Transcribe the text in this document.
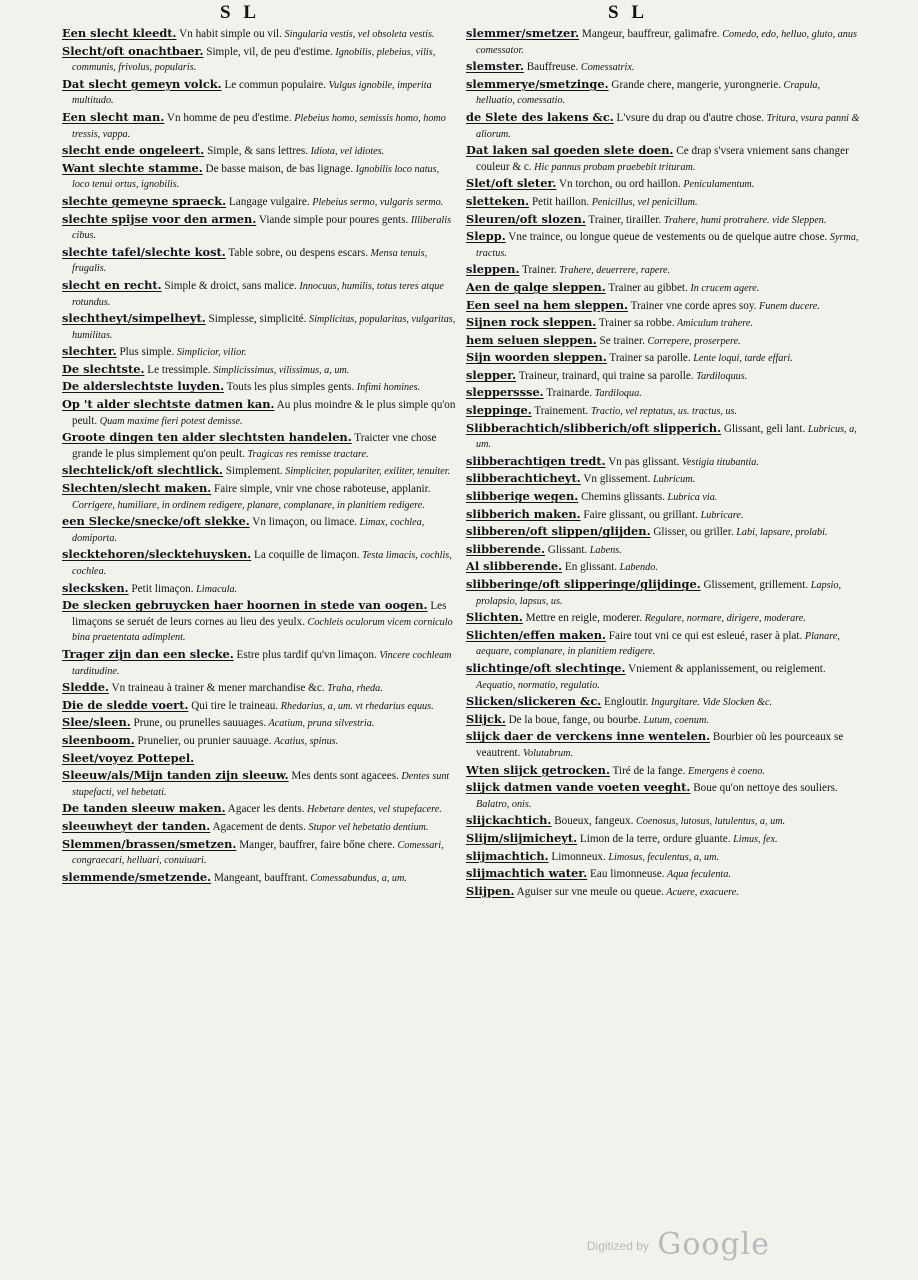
S L	S L
Een slecht kleedt. Vn habit simple ou vil. Singularia vestis, vel obsoleta vestis.
Slecht/oft onachtbaer. Simple, vil, de peu d'estime. Ignobilis, plebeius, vilis, communis, frivolus, popularis.
Dat slecht gemeyn volck. Le commun populaire. Vulgus ignobile, imperita multitudo.
Een slecht man. Vn homme de peu d'estime. Plebeius homo, semissis homo, homo tressis, vappa.
slecht ende ongeleert. Simple, & sans lettres. Idiota, vel idiotes.
Want slechte stamme. De basse maison, de bas lignage. Ignobilis loco natus, loco tenui ortus, ignobilis.
slechte gemeyne spraeck. Langage vulgaire. Plebeius sermo, vulgaris sermo.
slechte spijse voor den armen. Viande simple pour poures gents. Illiberalis cibus.
slechte tafel/slechte kost. Table sobre, ou despens escars. Mensa tenuis, frugalis.
slecht en recht. Simple & droict, sans malice. Innocuus, humilis, totus teres atque rotundus.
slechtheyt/simpelheyt. Simplesse, simplicité. Simplicitas, popularitas, vulgaritas, humilitas.
slechter. Plus simple. Simplicior, vilior.
De slechtste. Le tressimple. Simplicissimus, vilissimus, a, um.
De alderslechtste luyden. Touts les plus simples gents. Infimi homines.
Op 't alder slechtste datmen kan. Au plus moindre & le plus simple qu'on peult. Quam maxime fieri potest demisse.
Groote dingen ten alder slechtsten handelen. Traicter vne chose grande le plus simplement qu'on peult. Tragicas res remisse tractare.
slechtelick/oft slechtlick. Simplement. Simpliciter, populariter, exiliter, tenuiter.
Slechten/slecht maken. Faire simple, vnir vne chose raboteuse, applanir. Corrigere, humiliare, in ordinem redigere, planare, complanare, in planitiem redigere.
een Slecke/snecke/oft slekke. Vn limaçon, ou limace. Limax, cochlea, domiporta.
slecktehoren/slecktehuysken. La coquille de limaçon. Testa limacis, cochlis, cochlea.
slecksken. Petit limaçon. Limacula.
De slecken gebruycken haer hoornen in stede van oogen. Les limaçons se seruét de leurs cornes au lieu des yeulx. Cochleis oculorum vicem corniculo bina praetentata adimplent.
Trager zijn dan een slecke. Estre plus tardif qu'vn limaçon. Vincere cochleam tarditudine.
Sledde. Vn traineau à trainer & mener marchandise &c. Traha, rheda.
Die de sledde voert. Qui tire le traineau. Rhedarius, a, um. vt rhedarius equus.
Slee/sleen. Prune, ou prunelles sauuages. Acatium, pruna silvestria.
sleenboom. Prunelier, ou prunier sauuage. Acatius, spinus.
Sleet/voyez Pottepel.
Sleeuw/als/Mijn tanden zijn sleeuw. Mes dents sont agacees. Dentes sunt stupefacti, vel hebetati.
De tanden sleeuw maken. Agacer les dents. Hebetare dentes, vel stupefacere.
sleeuwheyt der tanden. Agacement de dents. Stupor vel hebetatio dentium.
Slemmen/brassen/smetzen. Manger, bauffrer, faire bőne chere. Comessari, congraecari, helluari, conuiuari.
slemmende/smetzende. Mangeant, bauffrant. Comessabundus, a, um.
slemmer/smetzer. Mangeur, bauffreur, galimafre. Comedo, edo, helluo, gluto, anus comessator.
slemster. Bauffreuse. Comessatrix.
slemmerye/smetzinge. Grande chere, mangerie, yurongnerie. Crapula, helluatio, comessatio.
de Slete des lakens &c. L'vsure du drap ou d'autre chose. Tritura, vsura panni & aliorum.
Dat laken sal goeden slete doen. Ce drap s'vsera vniement sans changer couleur & c. Hic pannus probam praebebit trituram.
Slet/oft sleter. Vn torchon, ou ord haillon. Peniculamentum.
sletteken. Petit haillon. Penicillus, vel penicillum.
Sleuren/oft slozen. Trainer, tirailler. Trahere, humi protrahere. vide Sleppen.
Slepp. Vne traince, ou longue queue de vestements ou de quelque autre chose. Syrma, tractus.
sleppen. Trainer. Trahere, deuerrere, rapere.
Aen de galge sleppen. Trainer au gibbet. In crucem agere.
Een seel na hem sleppen. Trainer vne corde apres soy. Funem ducere.
Sijnen rock sleppen. Trainer sa robbe. Amiculum trahere.
hem seluen sleppen. Se trainer. Correpere, proserpere.
Sijn woorden sleppen. Trainer sa parolle. Lente loqui, tarde effari.
slepper. Traineur, trainard, qui traine sa parolle. Tardiloquus.
slepperssse. Trainarde. Tardiloqua.
sleppinge. Trainement. Tractio, vel reptatus, us. tractus, us.
Slibberachtich/slibberich/oft slipperich. Glissant, geli lant. Lubricus, a, um.
slibberachtigen tredt. Vn pas glissant. Vestigia titubantia.
slibberachticheyt. Vn glissement. Lubricum.
slibberige wegen. Chemins glissants. Lubrica via.
slibberich maken. Faire glissant, ou grillant. Lubricare.
slibberen/oft slippen/glijden. Glisser, ou griller. Labi, lapsare, prolabi.
slibberende. Glissant. Labens.
Al slibberende. En glissant. Labendo.
slibberinge/oft slipperinge/glijdinge. Glissement, grillement. Lapsio, prolapsio, lapsus, us.
Slichten. Mettre en reigle, moderer. Regulare, normare, dirigere, moderare.
Slichten/effen maken. Faire tout vni ce qui est esleué, raser à plat. Planare, aequare, complanare, in planitiem redigere.
slichtinge/oft slechtinge. Vniement & applanissement, ou reiglement. Aequatio, normatio, regulatio.
Slicken/slickeren &c. Engloutir. Ingurgitare. Vide Slocken &c.
Slijck. De la boue, fange, ou bourbe. Lutum, coenum.
slijck daer de verckens inne wentelen. Bourbier où les pourceaux se veautrent. Volutabrum.
Wten slijck getrocken. Tiré de la fange. Emergens è coeno.
slijck datmen vande voeten veeght. Boue qu'on nettoye des souliers. Balatro, onis.
slijckachtich. Boueux, fangeux. Coenosus, lutosus, lutulentus, a, um.
Slijm/slijmicheyt. Limon de la terre, ordure gluante. Limus, fex.
slijmachtich. Limonneux. Limosus, feculentus, a, um.
slijmachtich water. Eau limonneuse. Aqua feculenta.
Slijpen. Aguiser sur vne meule ou queue. Acuere, exacuere.
$^{Digitized by}$ Google
